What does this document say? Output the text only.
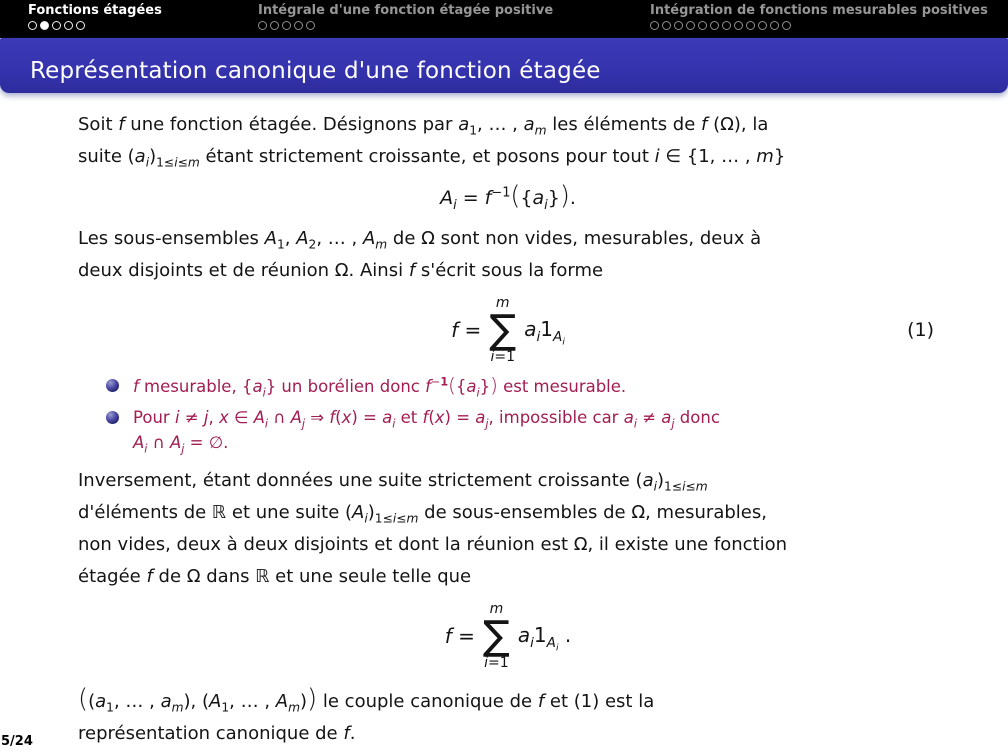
Fonctions étagées	Intégrale d'une fonction étagée positive	Intégration de fonctions mesurables positives
Représentation canonique d'une fonction étagée

Soit f une fonction étagée. Désignons par $a_1$, … , $a_m$ les éléments de f (Ω), la
suite $(a_i)_{1\le i\le m}$ étant strictement croissante, et posons pour tout i ∈ {1, … , m}

$A_i = f^{-1}(\{a_i\})$.

Les sous-ensembles $A_1$, $A_2$, … , $A_m$ de Ω sont non vides, mesurables, deux à
deux disjoints et de réunion Ω. Ainsi f s'écrit sous la forme

f =
m
∑
i=1
$a_i1_{A_i}$
(1)
f mesurable, $\{a_i\}$ un borélien donc $f^{-1}(\{a_i\})$ est mesurable.
Pour i ≠ j, x ∈ $A_i$ ∩ $A_j$ ⇒ $f(x) = a_i$ et $f(x) = a_j$, impossible car $a_i \ne a_j$ donc
$A_i$ ∩ $A_j$ = ∅.

Inversement, étant données une suite strictement croissante $(a_i)_{1\le i\le m}$
d'éléments de ℝ et une suite $(A_i)_{1\le i\le m}$ de sous-ensembles de Ω, mesurables,
non vides, deux à deux disjoints et dont la réunion est Ω, il existe une fonction
étagée f de Ω dans ℝ et une seule telle que

f =
m
∑
i=1
$a_i1_{A_i}$ .

(($a_1$, … , $a_m$), ($A_1$, … , $A_m$)) le couple canonique de f et (1) est la
représentation canonique de f.

5/24
